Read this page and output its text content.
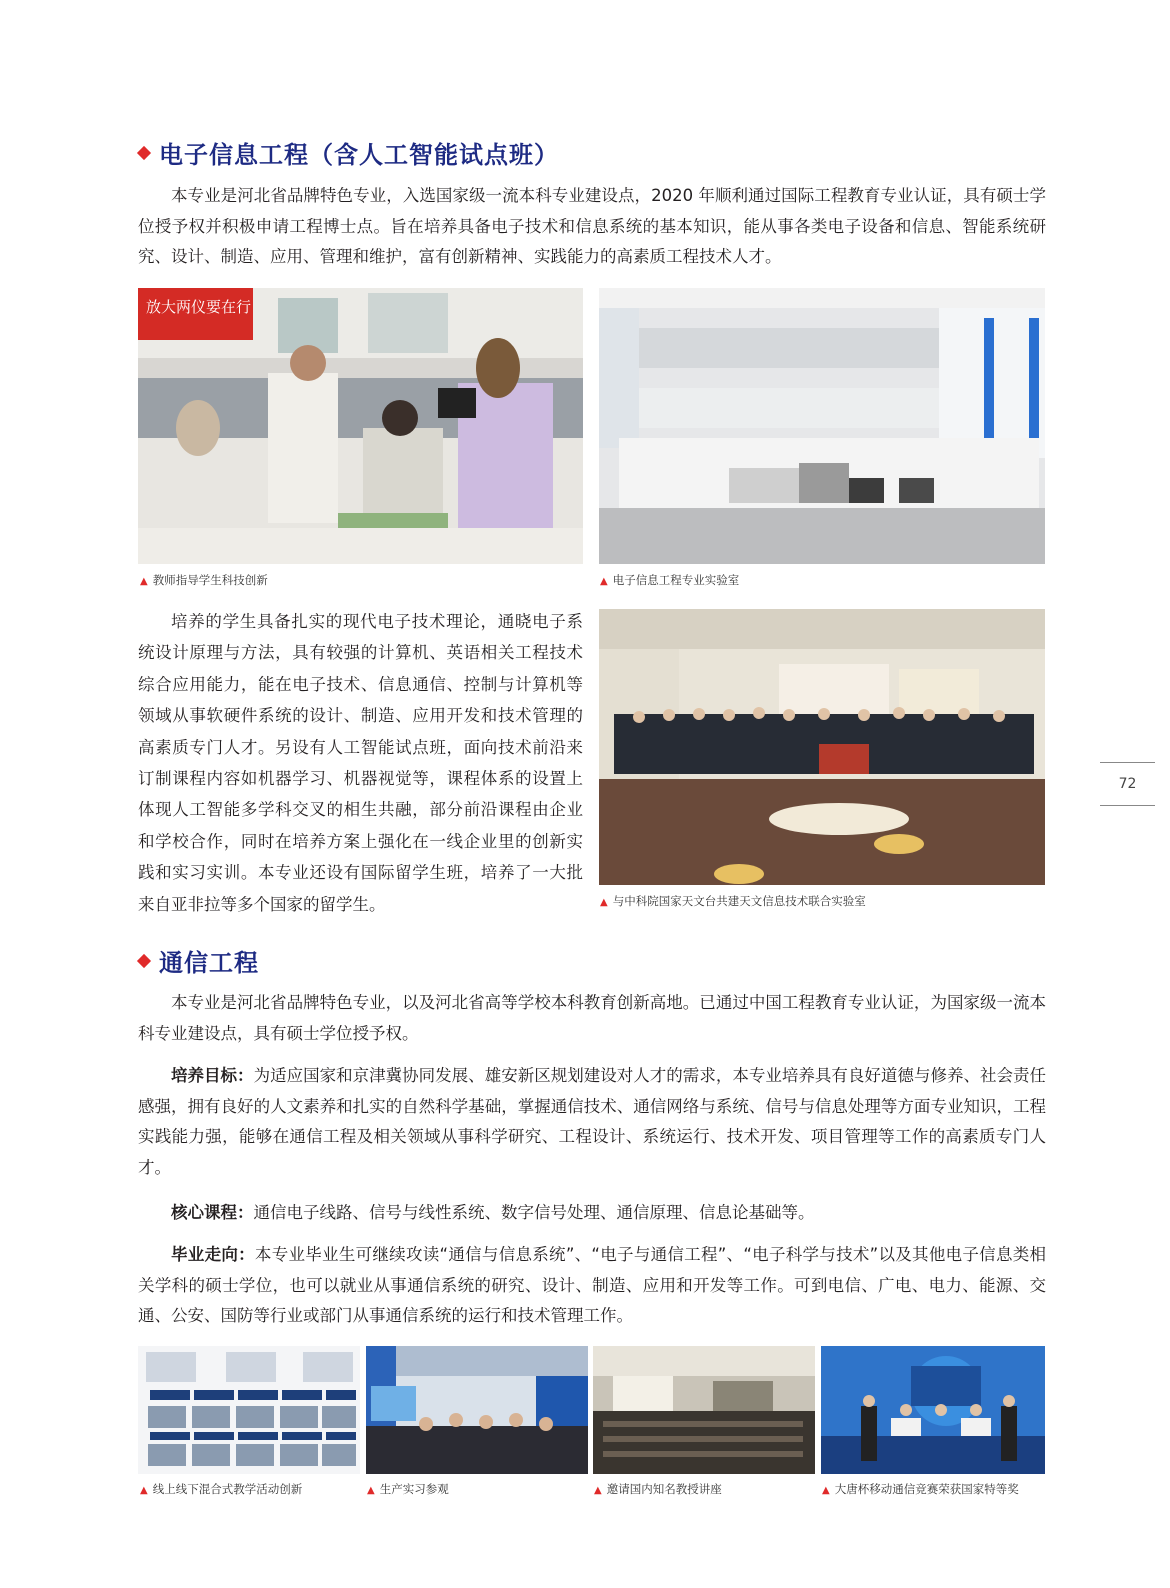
电子信息工程（含人工智能试点班）

本专业是河北省品牌特色专业，入选国家级一流本科专业建设点，2020 年顺利通过国际工程教育专业认证，具有硕士学位授予权并积极申请工程博士点。旨在培养具备电子技术和信息系统的基本知识，能从事各类电子设备和信息、智能系统研究、设计、制造、应用、管理和维护，富有创新精神、实践能力的高素质工程技术人才。

放大两仪要在行
▲ 教师指导学生科技创新	▲ 电子信息工程专业实验室

培养的学生具备扎实的现代电子技术理论，通晓电子系统设计原理与方法，具有较强的计算机、英语相关工程技术综合应用能力，能在电子技术、信息通信、控制与计算机等领域从事软硬件系统的设计、制造、应用开发和技术管理的高素质专门人才。另设有人工智能试点班，面向技术前沿来订制课程内容如机器学习、机器视觉等，课程体系的设置上体现人工智能多学科交叉的相生共融，部分前沿课程由企业和学校合作，同时在培养方案上强化在一线企业里的创新实践和实习实训。本专业还设有国际留学生班，培养了一大批来自亚非拉等多个国家的留学生。	▲ 与中科院国家天文台共建天文信息技术联合实验室
72
通信工程

本专业是河北省品牌特色专业，以及河北省高等学校本科教育创新高地。已通过中国工程教育专业认证，为国家级一流本科专业建设点，具有硕士学位授予权。

培养目标：为适应国家和京津冀协同发展、雄安新区规划建设对人才的需求，本专业培养具有良好道德与修养、社会责任感强，拥有良好的人文素养和扎实的自然科学基础，掌握通信技术、通信网络与系统、信号与信息处理等方面专业知识，工程实践能力强，能够在通信工程及相关领域从事科学研究、工程设计、系统运行、技术开发、项目管理等工作的高素质专门人才。

核心课程：通信电子线路、信号与线性系统、数字信号处理、通信原理、信息论基础等。

毕业走向：本专业毕业生可继续攻读“通信与信息系统”、“电子与通信工程”、“电子科学与技术”以及其他电子信息类相关学科的硕士学位，也可以就业从事通信系统的研究、设计、制造、应用和开发等工作。可到电信、广电、电力、能源、交通、公安、国防等行业或部门从事通信系统的运行和技术管理工作。

▲ 线上线下混合式教学活动创新	▲ 生产实习参观	▲ 邀请国内知名教授讲座	▲ 大唐杯移动通信竞赛荣获国家特等奖
